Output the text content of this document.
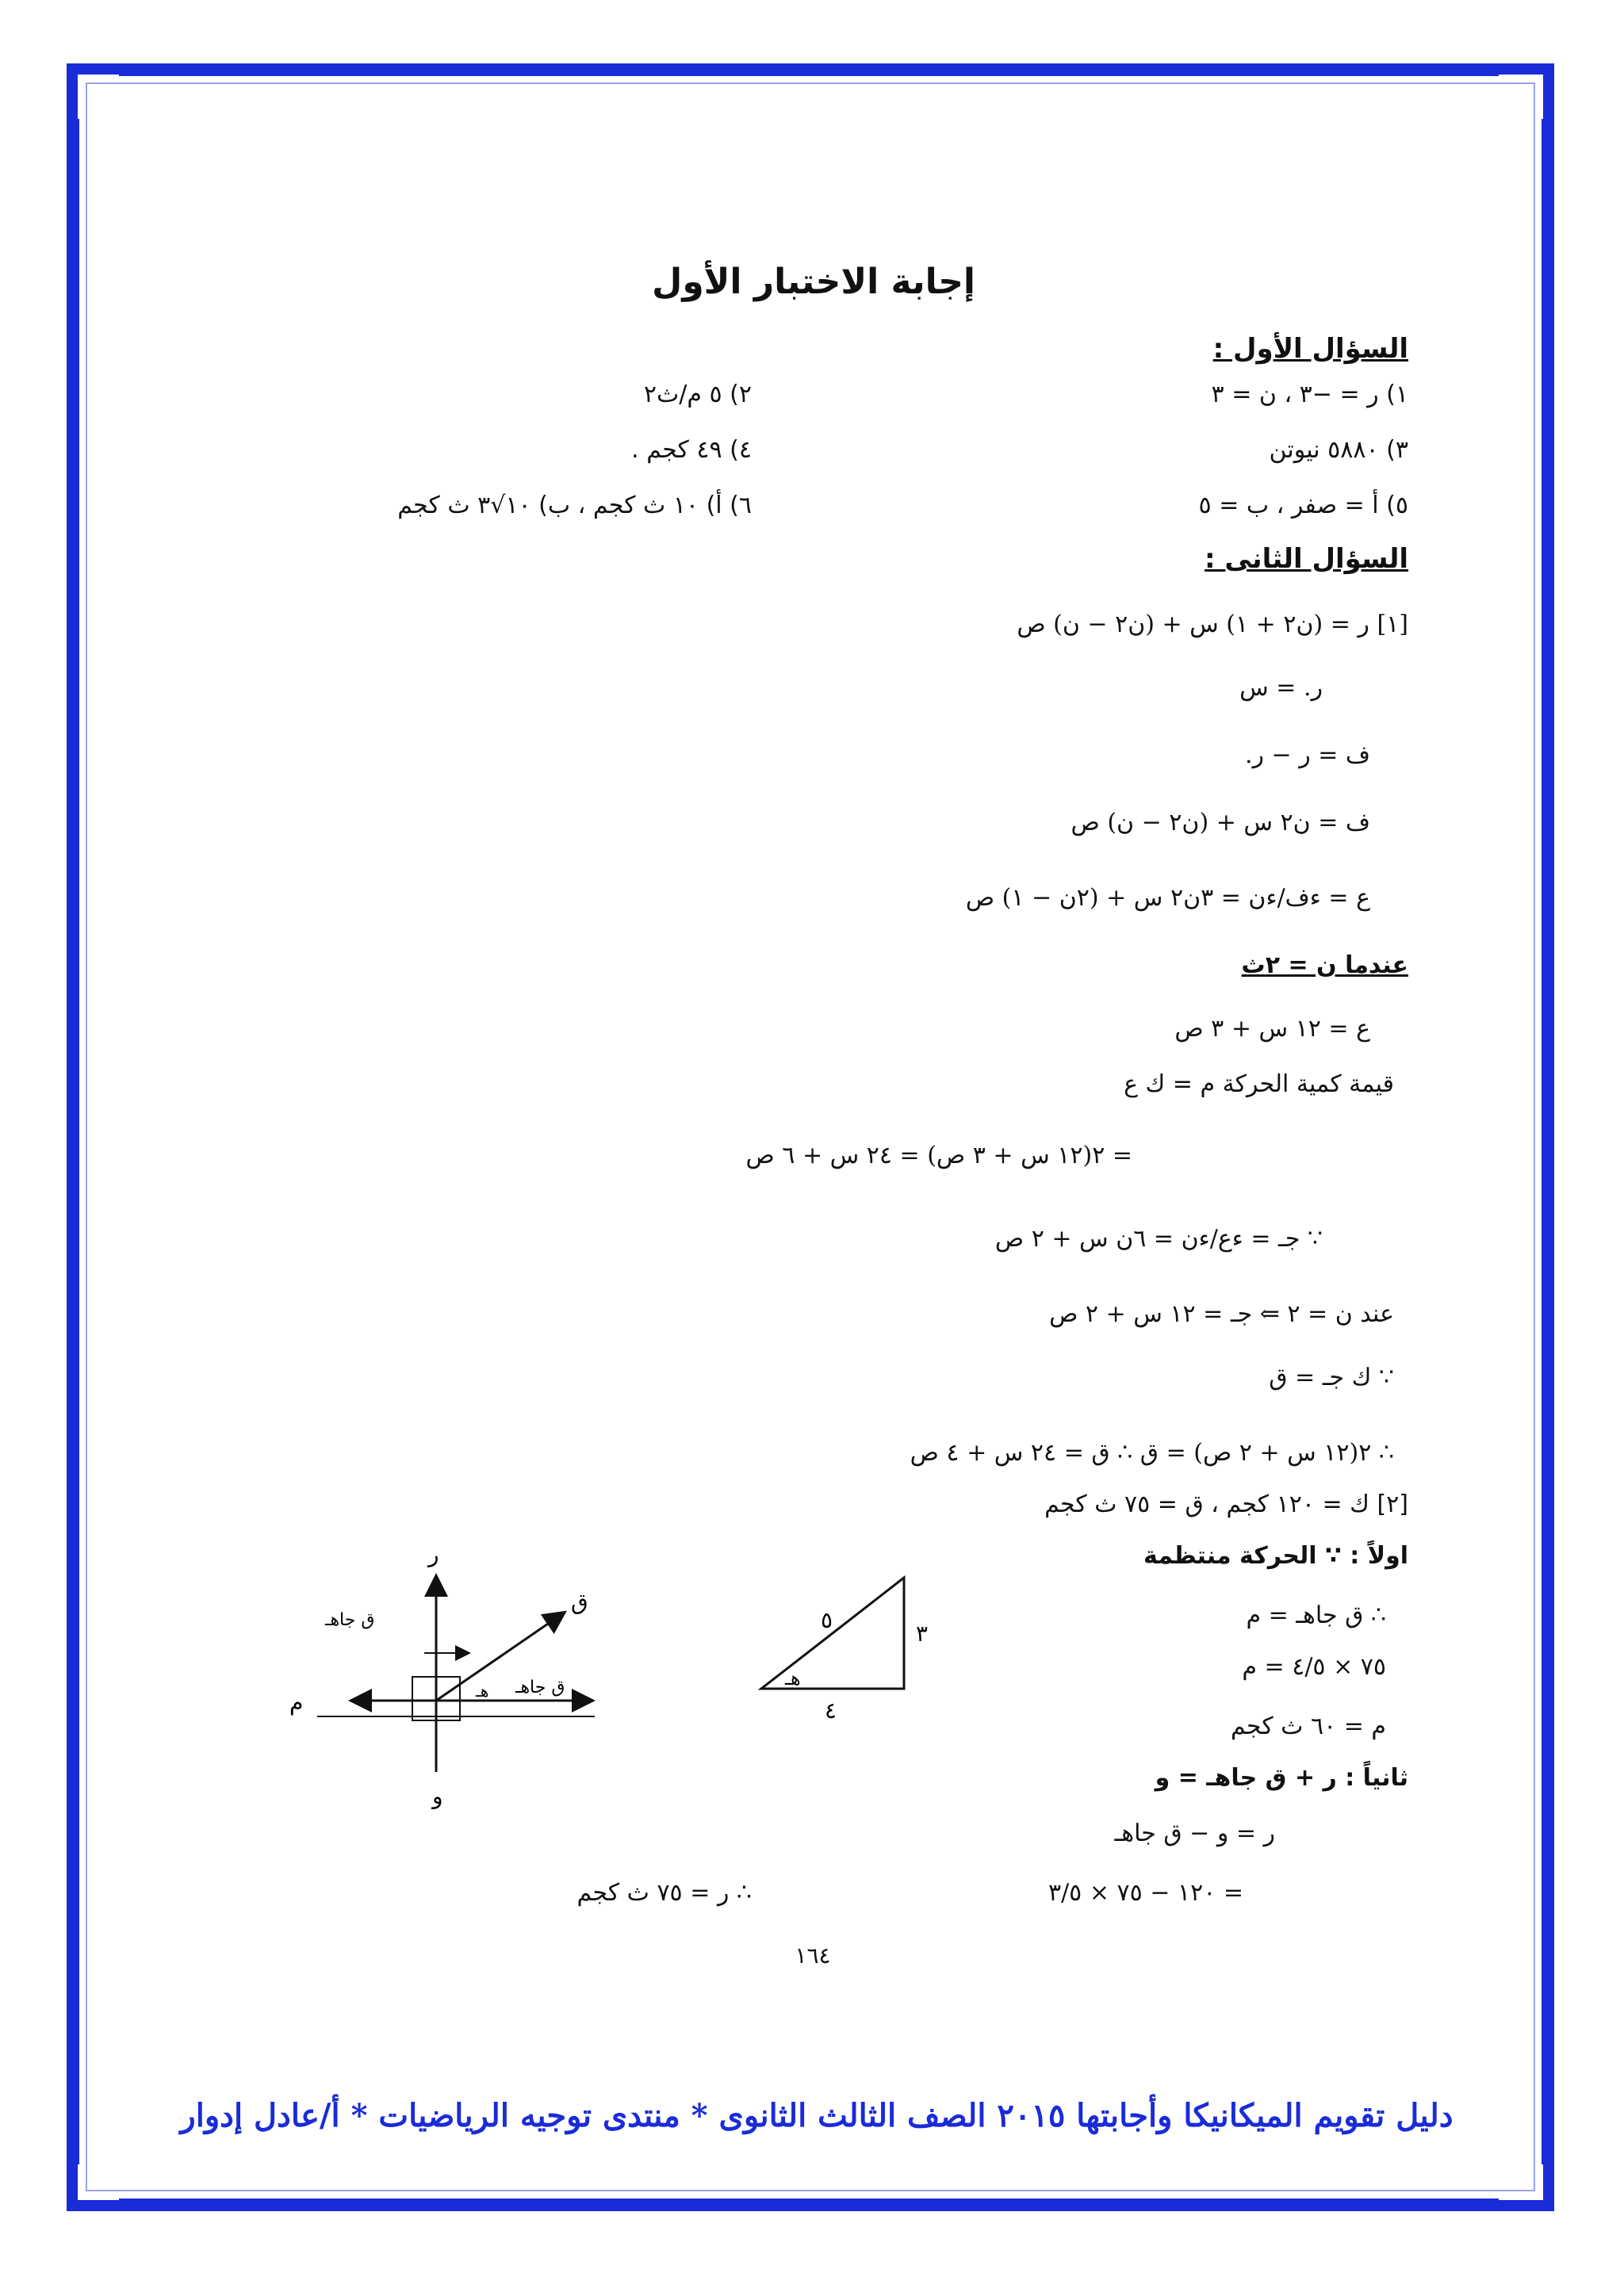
إجابة الاختبار الأول
السؤال الأول :
١) ر = −٣ ، ن = ٣
٢) ٥ م/ث٢
٣) ٥٨٨٠ نيوتن
٤) ٤٩ كجم .
٥) أ = صفر ، ب = ٥
٦) أ) ١٠ ث كجم ، ب) ١٠√٣ ث كجم
السؤال الثانى :
[١] ر = (ن٢ + ١) س + (ن٢ − ن) ص
ر. = س
ف = ر − ر.
ف = ن٢ س + (ن٢ − ن) ص
ع = ءف/ءن = ٣ن٢ س + (٢ن − ١) ص
عندما ن = ٢ث
ع = ١٢ س + ٣ ص
قيمة كمية الحركة م = ك ع
= ٢(١٢ س + ٣ ص) = ٢٤ س + ٦ ص
∵ جـ = ءع/ءن = ٦ن س + ٢ ص
عند ن = ٢ ⇐ جـ = ١٢ س + ٢ ص
∵ ك جـ = ق
∴ ٢(١٢ س + ٢ ص) = ق ∴ ق = ٢٤ س + ٤ ص
[٢] ك = ١٢٠ كجم ، ق = ٧٥ ث كجم
اولاً : ∵ الحركة منتظمة
∴ ق جاهـ = م
٧٥ × ٤/٥ = م
م = ٦٠ ث كجم
ثانياً : ر + ق جاهـ = و
ر = و − ق جاهـ
= ١٢٠ − ٧٥ × ٣/٥
∴ ر = ٧٥ ث كجم
٥
٣
٤
هـ
ر
ق
م
و
ق جاهـ
ق جاهـ
هـ
١٦٤
دليل تقويم الميكانيكا وأجابتها ٢٠١٥ الصف الثالث الثانوى * منتدى توجيه الرياضيات * أ/عادل إدوار
